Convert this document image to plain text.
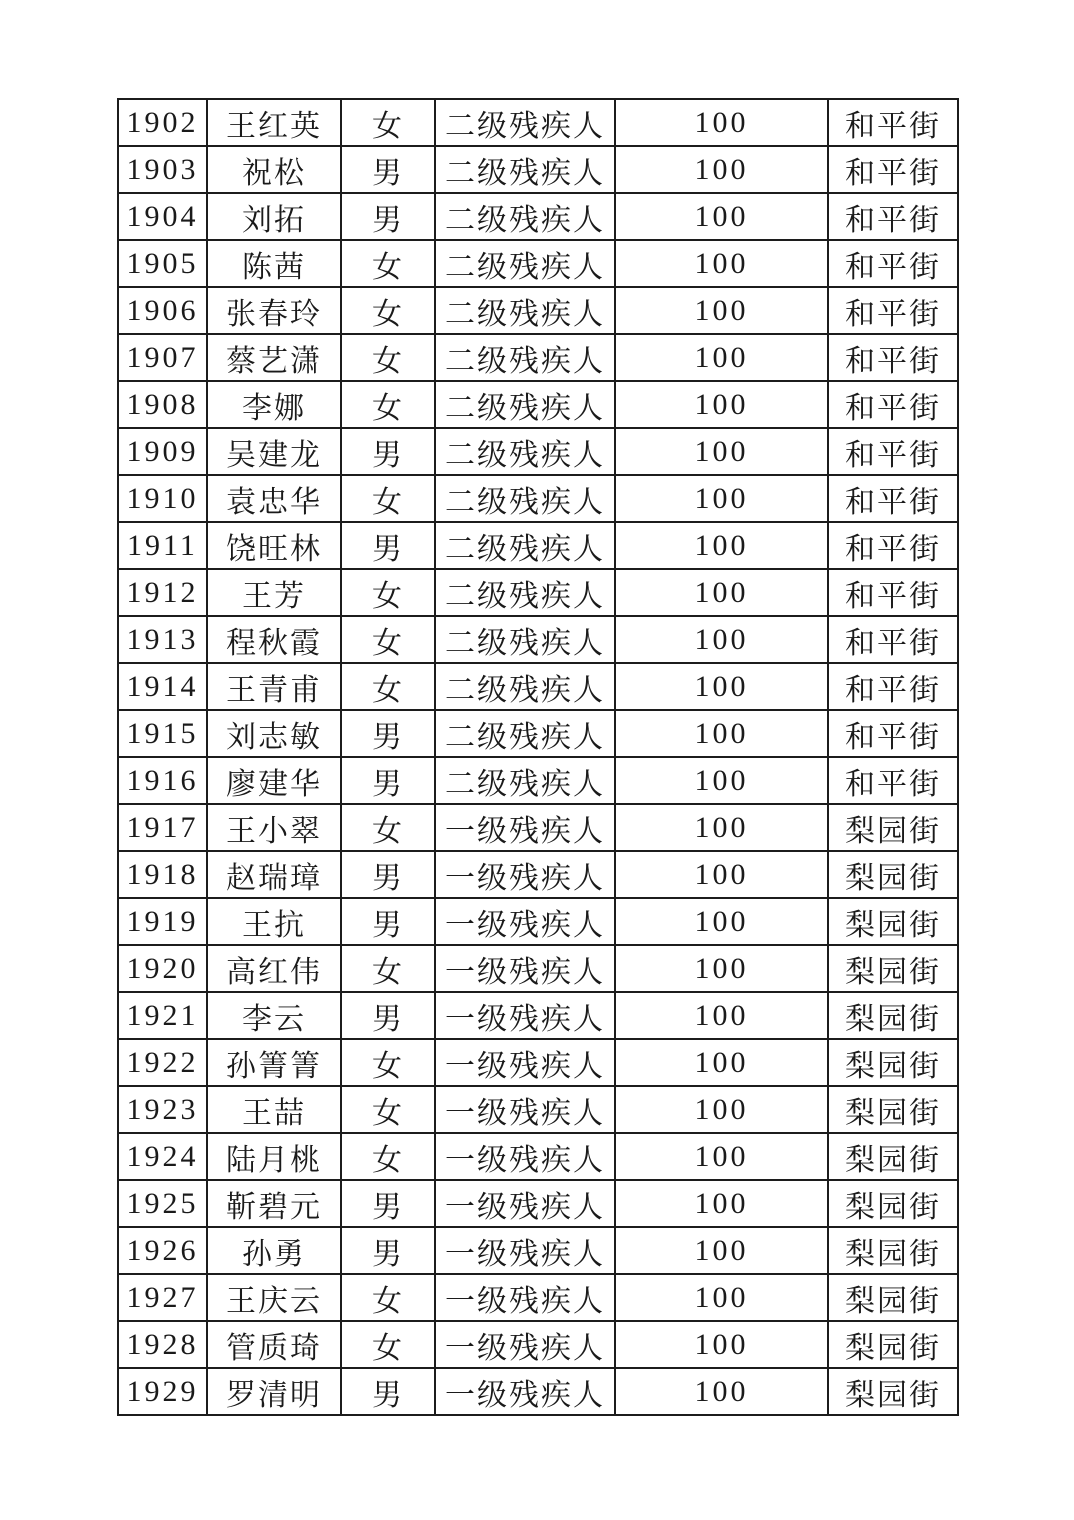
1902	王红英	女	二级残疾人	100	和平街
1903	祝松	男	二级残疾人	100	和平街
1904	刘拓	男	二级残疾人	100	和平街
1905	陈茜	女	二级残疾人	100	和平街
1906	张春玲	女	二级残疾人	100	和平街
1907	蔡艺潇	女	二级残疾人	100	和平街
1908	李娜	女	二级残疾人	100	和平街
1909	吴建龙	男	二级残疾人	100	和平街
1910	袁忠华	女	二级残疾人	100	和平街
1911	饶旺林	男	二级残疾人	100	和平街
1912	王芳	女	二级残疾人	100	和平街
1913	程秋霞	女	二级残疾人	100	和平街
1914	王青甫	女	二级残疾人	100	和平街
1915	刘志敏	男	二级残疾人	100	和平街
1916	廖建华	男	二级残疾人	100	和平街
1917	王小翠	女	一级残疾人	100	梨园街
1918	赵瑞璋	男	一级残疾人	100	梨园街
1919	王抗	男	一级残疾人	100	梨园街
1920	高红伟	女	一级残疾人	100	梨园街
1921	李云	男	一级残疾人	100	梨园街
1922	孙箐箐	女	一级残疾人	100	梨园街
1923	王喆	女	一级残疾人	100	梨园街
1924	陆月桃	女	一级残疾人	100	梨园街
1925	靳碧元	男	一级残疾人	100	梨园街
1926	孙勇	男	一级残疾人	100	梨园街
1927	王庆云	女	一级残疾人	100	梨园街
1928	管质琦	女	一级残疾人	100	梨园街
1929	罗清明	男	一级残疾人	100	梨园街
